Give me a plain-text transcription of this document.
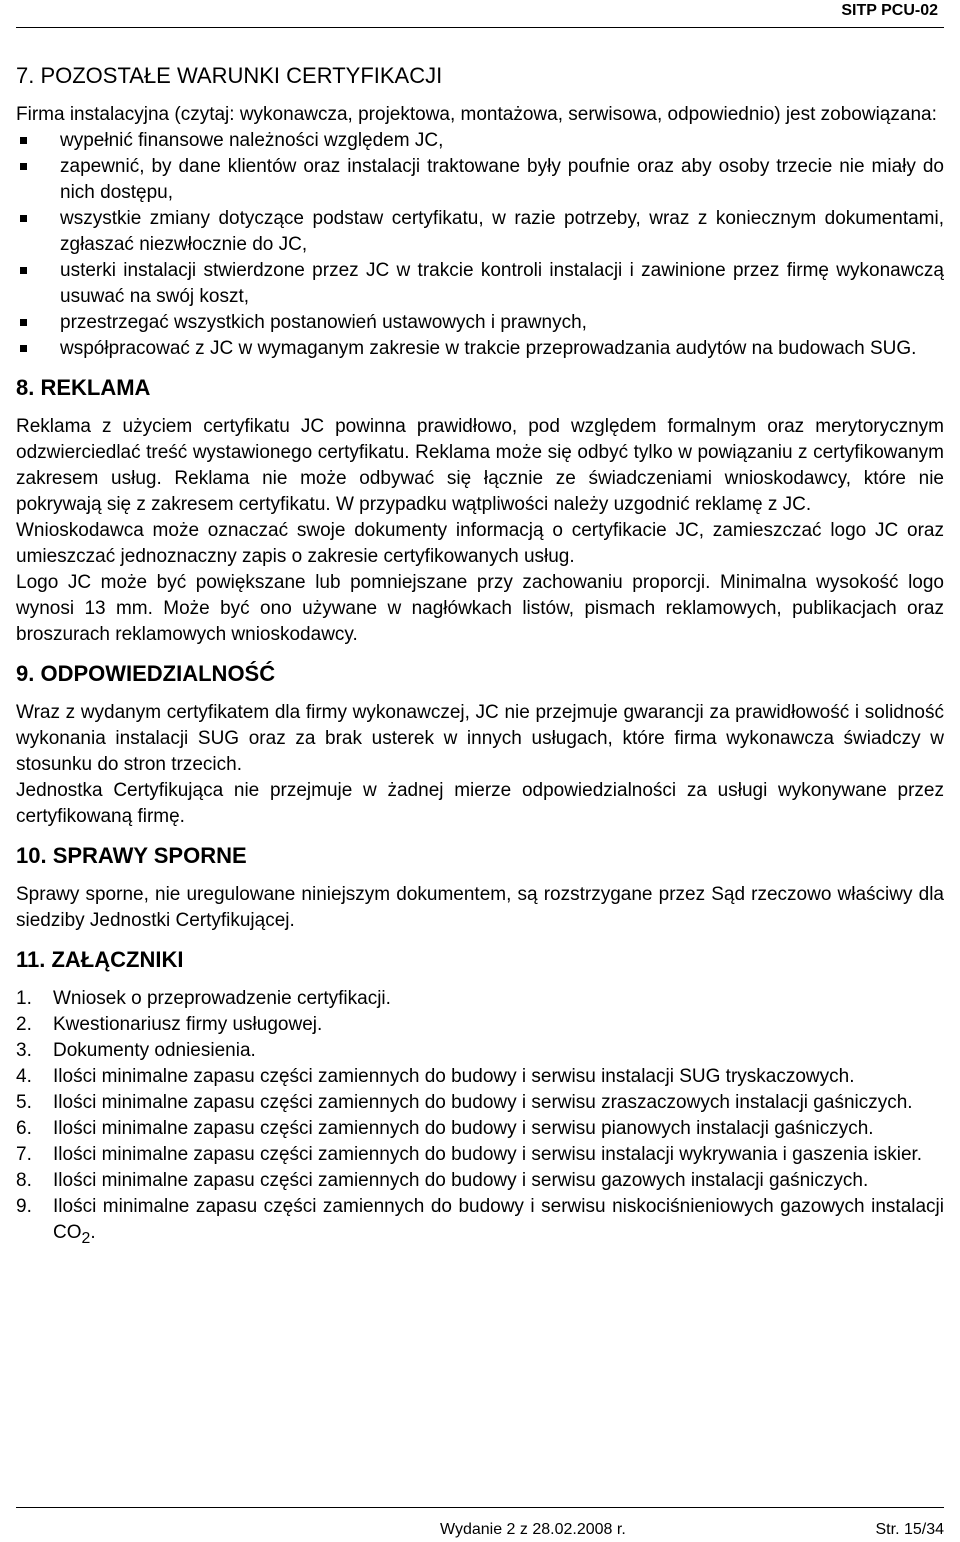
SITP PCU-02
7. POZOSTAŁE WARUNKI CERTYFIKACJI

Firma instalacyjna (czytaj: wykonawcza, projektowa, montażowa, serwisowa, odpowiednio) jest zobowiązana:

wypełnić finansowe należności względem JC,
zapewnić, by dane klientów oraz instalacji traktowane były poufnie oraz aby osoby trzecie nie miały do nich dostępu,
wszystkie zmiany dotyczące podstaw certyfikatu, w razie potrzeby, wraz z koniecznym dokumentami, zgłaszać niezwłocznie do JC,
usterki instalacji stwierdzone przez JC w trakcie kontroli instalacji i zawinione przez firmę wykonawczą usuwać na swój koszt,
przestrzegać wszystkich postanowień ustawowych i prawnych,
współpracować z JC w wymaganym zakresie w trakcie przeprowadzania audytów na budowach SUG.
8. REKLAMA

Reklama z użyciem certyfikatu JC powinna prawidłowo, pod względem formalnym oraz merytorycznym odzwierciedlać treść wystawionego certyfikatu. Reklama może się odbyć tylko w powiązaniu z certyfikowanym zakresem usług. Reklama nie może odbywać się łącznie ze świadczeniami wnioskodawcy, które nie pokrywają się z zakresem certyfikatu. W przypadku wątpliwości należy uzgodnić reklamę z JC.

Wnioskodawca może oznaczać swoje dokumenty informacją o certyfikacie JC, zamieszczać logo JC oraz umieszczać jednoznaczny zapis o zakresie certyfikowanych usług.

Logo JC może być powiększane lub pomniejszane przy zachowaniu proporcji. Minimalna wysokość logo wynosi 13 mm. Może być ono używane w nagłówkach listów, pismach reklamowych, publikacjach oraz broszurach reklamowych wnioskodawcy.

9. ODPOWIEDZIALNOŚĆ

Wraz z wydanym certyfikatem dla firmy wykonawczej, JC nie przejmuje gwarancji za prawidłowość i solidność wykonania instalacji SUG oraz za brak usterek w innych usługach, które firma wykonawcza świadczy w stosunku do stron trzecich.

Jednostka Certyfikująca nie przejmuje w żadnej mierze odpowiedzialności za usługi wykonywane przez certyfikowaną firmę.

10. SPRAWY SPORNE

Sprawy sporne, nie uregulowane niniejszym dokumentem, są rozstrzygane przez Sąd rzeczowo właściwy dla siedziby Jednostki Certyfikującej.

11. ZAŁĄCZNIKI
1. Wniosek o przeprowadzenie certyfikacji.
2. Kwestionariusz firmy usługowej.
3. Dokumenty odniesienia.
4. Ilości minimalne zapasu części zamiennych do budowy i serwisu instalacji SUG tryskaczowych.
5. Ilości minimalne zapasu części zamiennych do budowy i serwisu zraszaczowych instalacji gaśniczych.
6. Ilości minimalne zapasu części zamiennych do budowy i serwisu pianowych instalacji gaśniczych.
7. Ilości minimalne zapasu części zamiennych do budowy i serwisu instalacji wykrywania i gaszenia iskier.
8. Ilości minimalne zapasu części zamiennych do budowy i serwisu gazowych instalacji gaśniczych.
9. Ilości minimalne zapasu części zamiennych do budowy i serwisu niskociśnieniowych gazowych instalacji $CO_2$.
Wydanie 2 z 28.02.2008 r.	Str. 15/34
